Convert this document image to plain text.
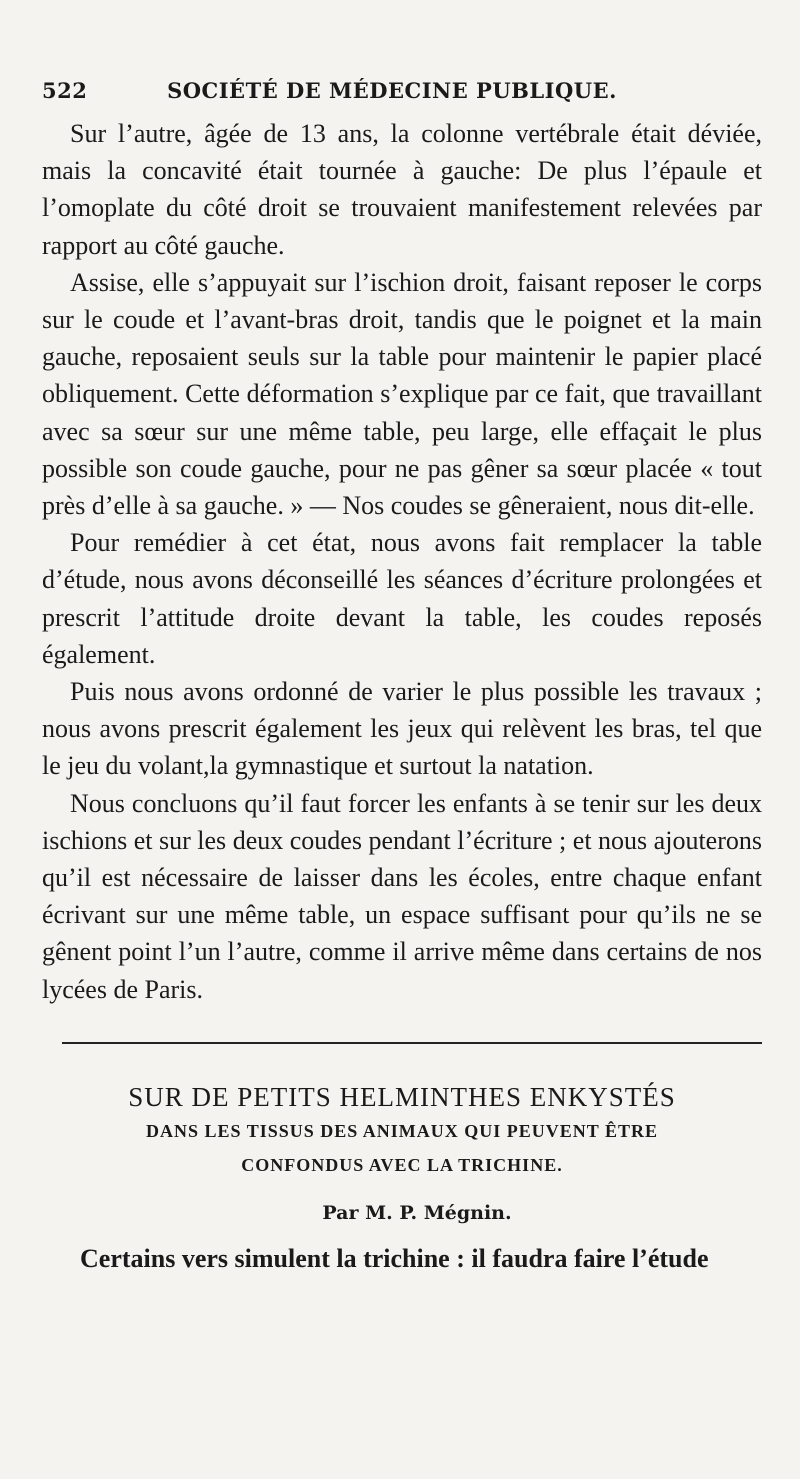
522	SOCIÉTÉ DE MÉDECINE PUBLIQUE.

Sur l’autre, âgée de 13 ans, la colonne vertébrale était déviée, mais la concavité était tournée à gauche: De plus l’épaule et l’omoplate du côté droit se trouvaient manifestement relevées par rapport au côté gauche.

Assise, elle s’appuyait sur l’ischion droit, faisant reposer le corps sur le coude et l’avant-bras droit, tandis que le poignet et la main gauche, reposaient seuls sur la table pour maintenir le papier placé obliquement. Cette déformation s’explique par ce fait, que travaillant avec sa sœur sur une même table, peu large, elle effaçait le plus possible son coude gauche, pour ne pas gêner sa sœur placée « tout près d’elle à sa gauche. » — Nos coudes se gêneraient, nous dit-elle.

Pour remédier à cet état, nous avons fait remplacer la table d’étude, nous avons déconseillé les séances d’écriture prolongées et prescrit l’attitude droite devant la table, les coudes reposés également.

Puis nous avons ordonné de varier le plus possible les travaux ; nous avons prescrit également les jeux qui relèvent les bras, tel que le jeu du volant,la gymnastique et surtout la natation.

Nous concluons qu’il faut forcer les enfants à se tenir sur les deux ischions et sur les deux coudes pendant l’écriture ; et nous ajouterons qu’il est nécessaire de laisser dans les écoles, entre chaque enfant écrivant sur une même table, un espace suffisant pour qu’ils ne se gênent point l’un l’autre, comme il arrive même dans certains de nos lycées de Paris.

SUR DE PETITS HELMINTHES ENKYSTÉS
DANS LES TISSUS DES ANIMAUX QUI PEUVENT ÊTRE
CONFONDUS AVEC LA TRICHINE.
Par M. P. Mégnin.
Certains vers simulent la trichine : il faudra faire l’étude
